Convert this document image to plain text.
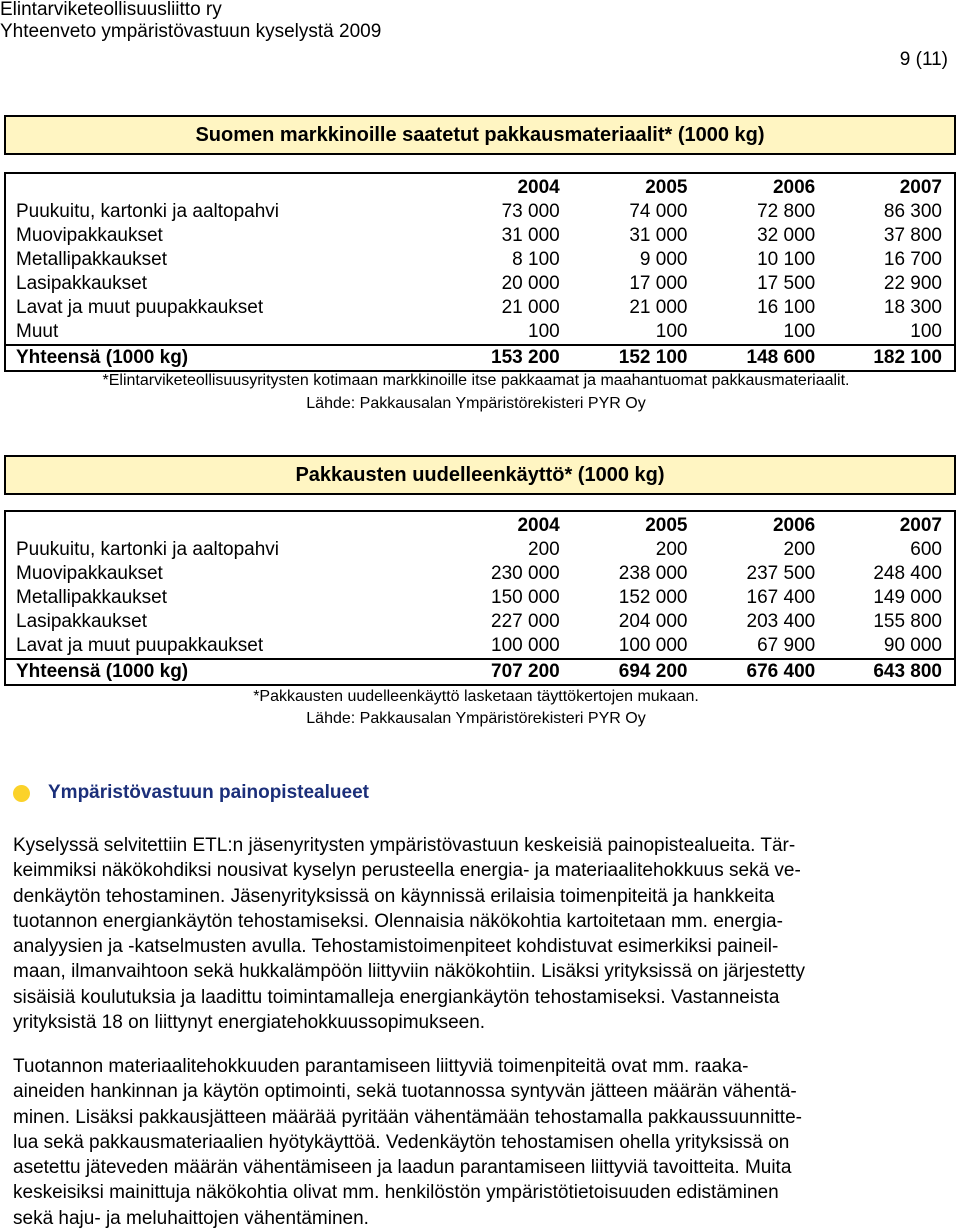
Elintarviketeollisuusliitto ry
Yhteenveto ympäristövastuun kyselystä 2009
9 (11)
Suomen markkinoille saatetut pakkausmateriaalit* (1000 kg)
	2004	2005	2006	2007
Puukuitu, kartonki ja aaltopahvi	73 000	74 000	72 800	86 300
Muovipakkaukset	31 000	31 000	32 000	37 800
Metallipakkaukset	8 100	9 000	10 100	16 700
Lasipakkaukset	20 000	17 000	17 500	22 900
Lavat ja muut puupakkaukset	21 000	21 000	16 100	18 300
Muut	100	100	100	100
Yhteensä (1000 kg)	153 200	152 100	148 600	182 100
*Elintarviketeollisuusyritysten kotimaan markkinoille itse pakkaamat ja maahantuomat pakkausmateriaalit.
Lähde: Pakkausalan Ympäristörekisteri PYR Oy
Pakkausten uudelleenkäyttö* (1000 kg)
	2004	2005	2006	2007
Puukuitu, kartonki ja aaltopahvi	200	200	200	600
Muovipakkaukset	230 000	238 000	237 500	248 400
Metallipakkaukset	150 000	152 000	167 400	149 000
Lasipakkaukset	227 000	204 000	203 400	155 800
Lavat ja muut puupakkaukset	100 000	100 000	67 900	90 000
Yhteensä (1000 kg)	707 200	694 200	676 400	643 800
*Pakkausten uudelleenkäyttö lasketaan täyttökertojen mukaan.
Lähde: Pakkausalan Ympäristörekisteri PYR Oy
Ympäristövastuun painopistealueet
Kyselyssä selvitettiin ETL:n jäsenyritysten ympäristövastuun keskeisiä painopistealueita. Tär-
keimmiksi näkökohdiksi nousivat kyselyn perusteella energia- ja materiaalitehokkuus sekä ve-
denkäytön tehostaminen. Jäsenyrityksissä on käynnissä erilaisia toimenpiteitä ja hankkeita
tuotannon energiankäytön tehostamiseksi. Olennaisia näkökohtia kartoitetaan mm. energia-
analyysien ja -katselmusten avulla. Tehostamistoimenpiteet kohdistuvat esimerkiksi paineil-
maan, ilmanvaihtoon sekä hukkalämpöön liittyviin näkökohtiin. Lisäksi yrityksissä on järjestetty
sisäisiä koulutuksia ja laadittu toimintamalleja energiankäytön tehostamiseksi. Vastanneista
yrityksistä 18 on liittynyt energiatehokkuussopimukseen.
Tuotannon materiaalitehokkuuden parantamiseen liittyviä toimenpiteitä ovat mm. raaka-
aineiden hankinnan ja käytön optimointi, sekä tuotannossa syntyvän jätteen määrän vähentä-
minen. Lisäksi pakkausjätteen määrää pyritään vähentämään tehostamalla pakkaussuunnitte-
lua sekä pakkausmateriaalien hyötykäyttöä. Vedenkäytön tehostamisen ohella yrityksissä on
asetettu jäteveden määrän vähentämiseen ja laadun parantamiseen liittyviä tavoitteita. Muita
keskeisiksi mainittuja näkökohtia olivat mm. henkilöstön ympäristötietoisuuden edistäminen
sekä haju- ja meluhaittojen vähentäminen.
